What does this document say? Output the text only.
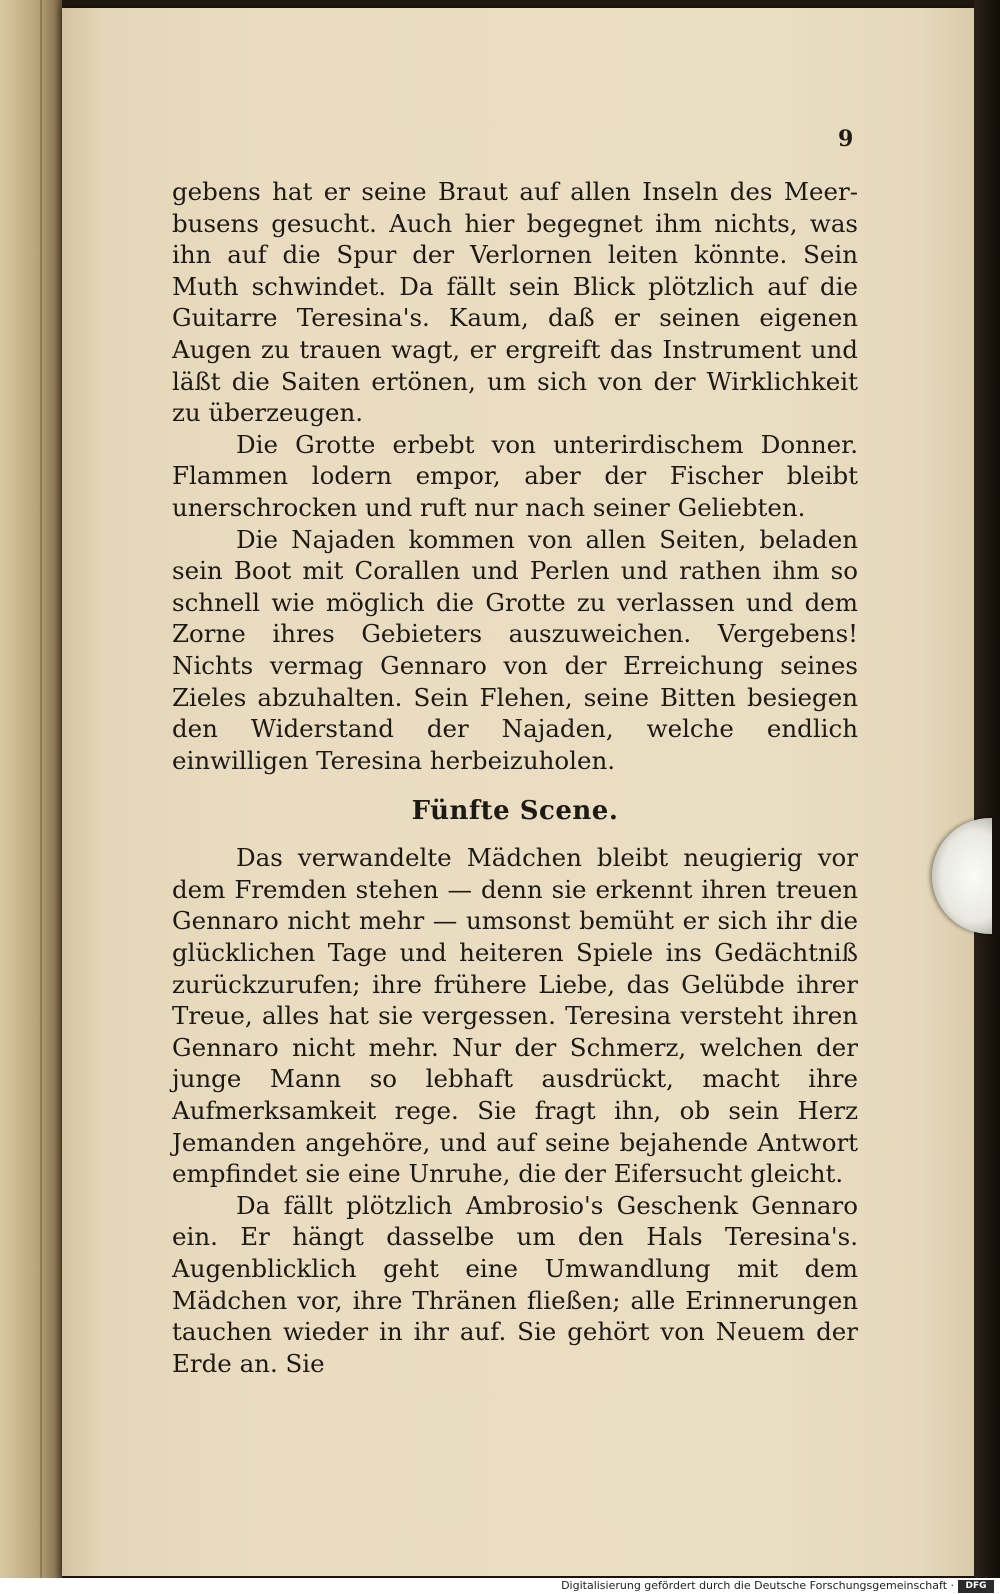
9

gebens hat er seine Braut auf allen Inseln des Meerbusens gesucht. Auch hier begegnet ihm nichts, was ihn auf die Spur der Verlornen leiten könnte. Sein Muth schwindet. Da fällt sein Blick plötzlich auf die Guitarre Teresina's. Kaum, daß er seinen eigenen Augen zu trauen wagt, er ergreift das Instrument und läßt die Saiten ertönen, um sich von der Wirklichkeit zu überzeugen.

Die Grotte erbebt von unterirdischem Donner. Flammen lodern empor, aber der Fischer bleibt unerschrocken und ruft nur nach seiner Geliebten.

Die Najaden kommen von allen Seiten, beladen sein Boot mit Corallen und Perlen und rathen ihm so schnell wie möglich die Grotte zu verlassen und dem Zorne ihres Gebieters auszuweichen. Vergebens! Nichts vermag Gennaro von der Erreichung seines Zieles abzuhalten. Sein Flehen, seine Bitten besiegen den Widerstand der Najaden, welche endlich einwilligen Teresina herbeizuholen.

Fünfte Scene.

Das verwandelte Mädchen bleibt neugierig vor dem Fremden stehen — denn sie erkennt ihren treuen Gennaro nicht mehr — umsonst bemüht er sich ihr die glücklichen Tage und heiteren Spiele ins Gedächtniß zurückzurufen; ihre frühere Liebe, das Gelübde ihrer Treue, alles hat sie vergessen. Teresina versteht ihren Gennaro nicht mehr. Nur der Schmerz, welchen der junge Mann so lebhaft ausdrückt, macht ihre Aufmerksamkeit rege. Sie fragt ihn, ob sein Herz Jemanden angehöre, und auf seine bejahende Antwort empfindet sie eine Unruhe, die der Eifersucht gleicht.

Da fällt plötzlich Ambrosio's Geschenk Gennaro ein. Er hängt dasselbe um den Hals Teresina's. Augenblicklich geht eine Umwandlung mit dem Mädchen vor, ihre Thränen fließen; alle Erinnerungen tauchen wieder in ihr auf. Sie gehört von Neuem der Erde an. Sie

Digitalisierung gefördert durch die Deutsche Forschungsgemeinschaft ·	DFG
